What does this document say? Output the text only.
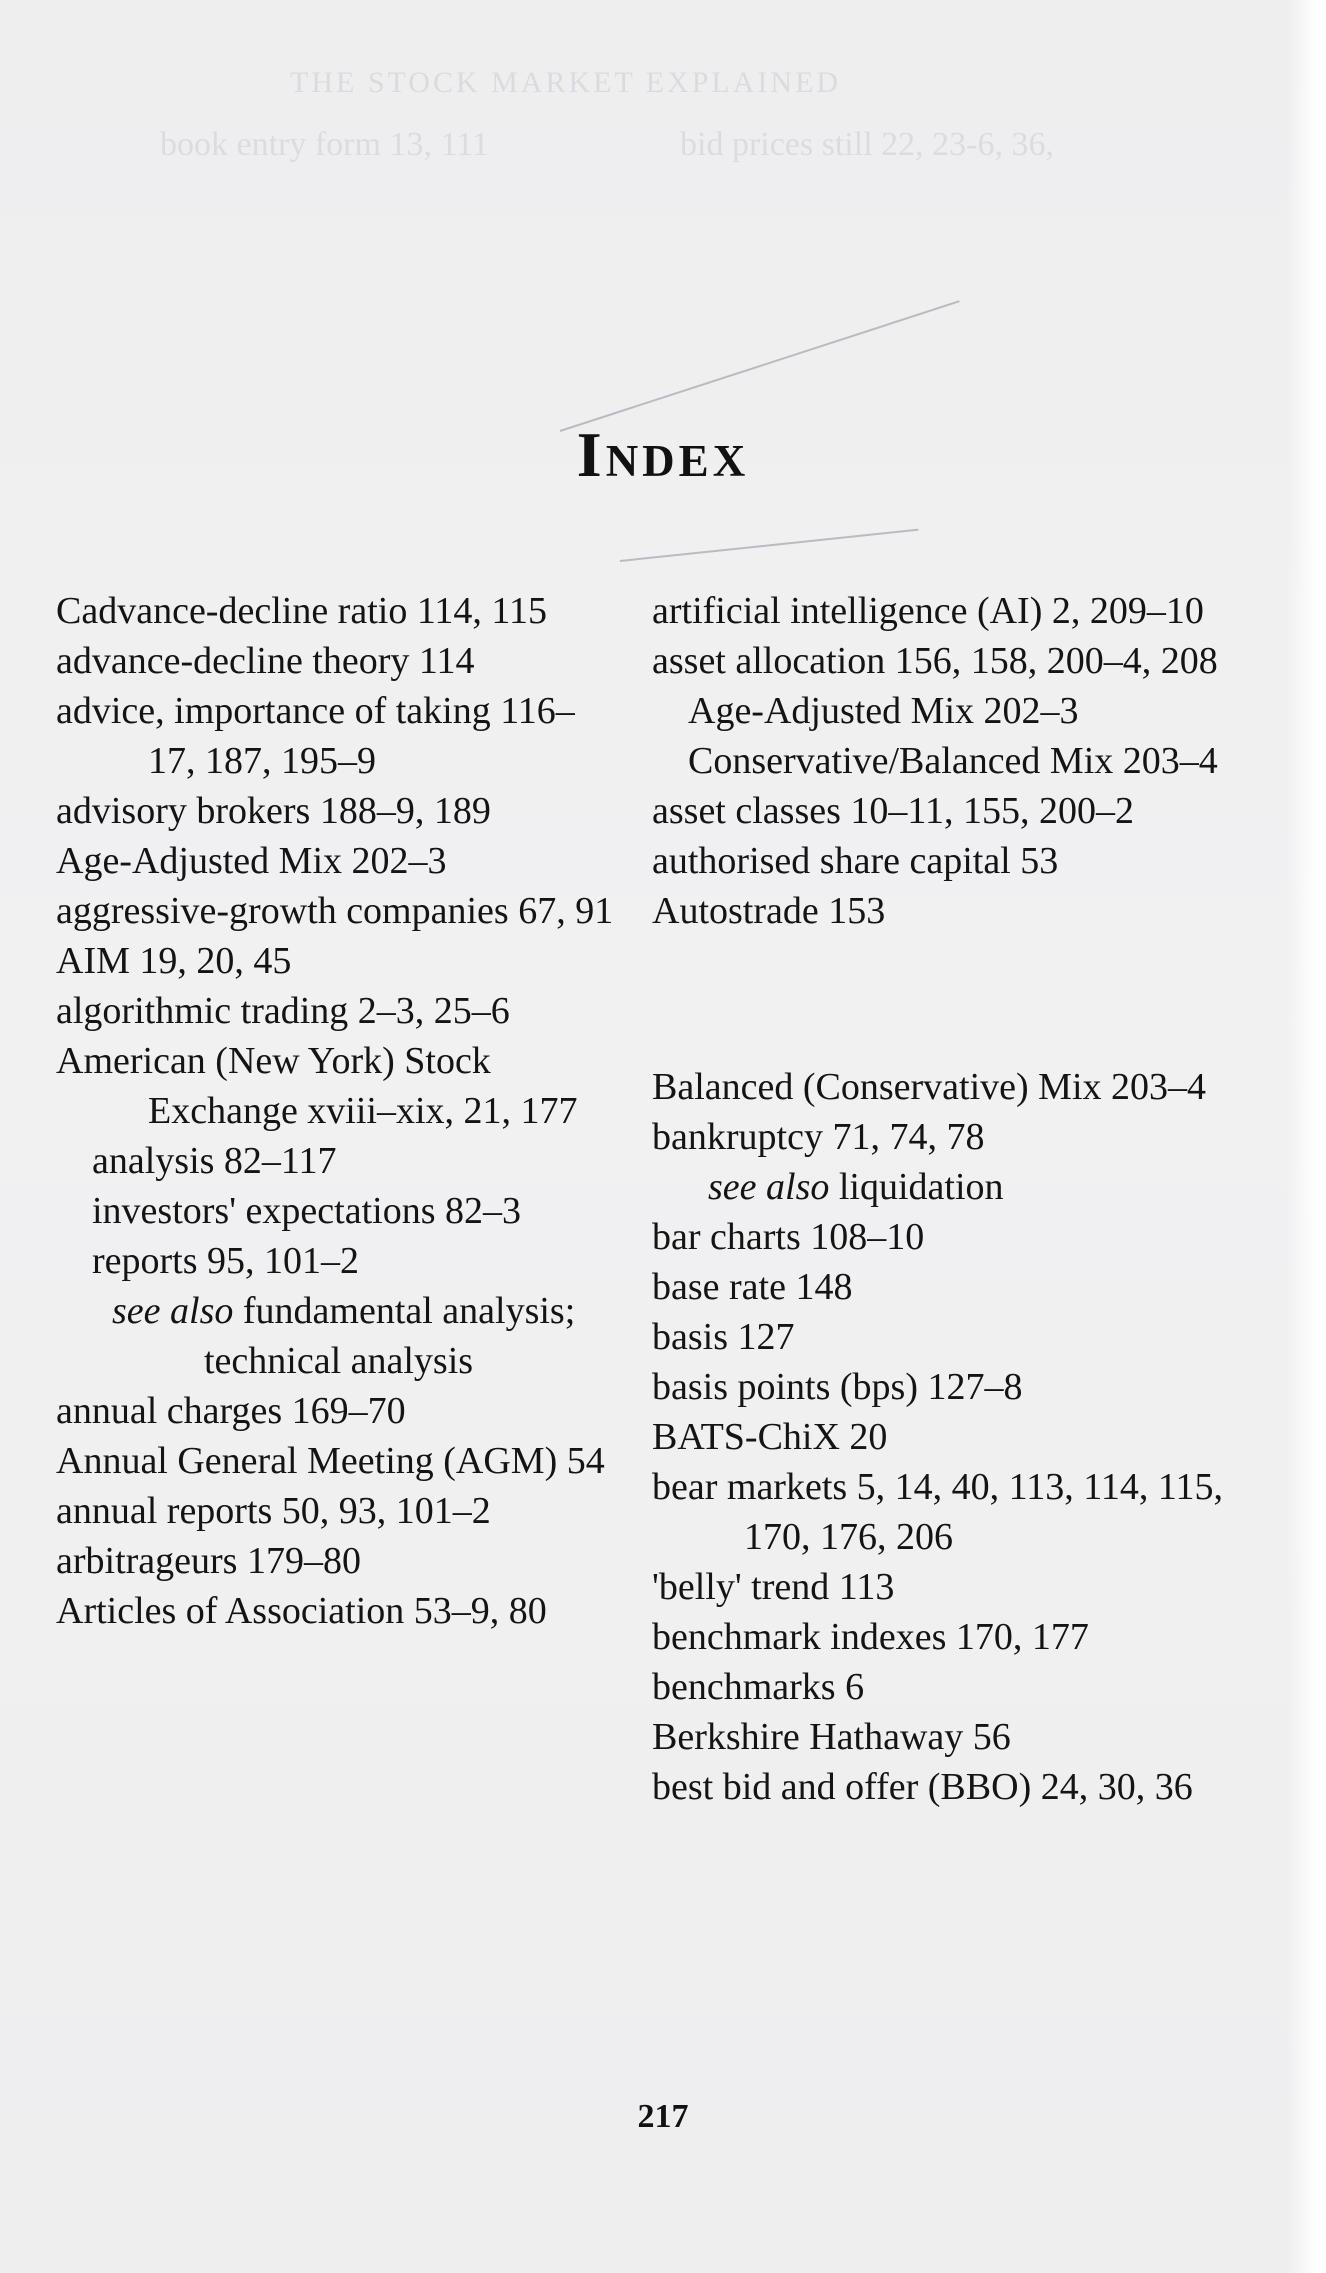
THE STOCK MARKET EXPLAINED
bid prices still 22, 23-6, 36,
book entry form 13, 111
Index

Cadvance-decline ratio 114, 115

advance-decline theory 114

advice, importance of taking 116–17, 187, 195–9

advisory brokers 188–9, 189

Age-Adjusted Mix 202–3

aggressive-growth companies 67, 91

AIM 19, 20, 45

algorithmic trading 2–3, 25–6

American (New York) Stock Exchange xviii–xix, 21, 177

analysis 82–117

investors' expectations 82–3

reports 95, 101–2

see also fundamental analysis; technical analysis

annual charges 169–70

Annual General Meeting (AGM) 54

annual reports 50, 93, 101–2

arbitrageurs 179–80

Articles of Association 53–9, 80

artificial intelligence (AI) 2, 209–10

asset allocation 156, 158, 200–4, 208

Age-Adjusted Mix 202–3

Conservative/Balanced Mix 203–4

asset classes 10–11, 155, 200–2

authorised share capital 53

Autostrade 153

Balanced (Conservative) Mix 203–4

bankruptcy 71, 74, 78

see also liquidation

bar charts 108–10

base rate 148

basis 127

basis points (bps) 127–8

BATS-ChiX 20

bear markets 5, 14, 40, 113, 114, 115, 170, 176, 206

'belly' trend 113

benchmark indexes 170, 177

benchmarks 6

Berkshire Hathaway 56

best bid and offer (BBO) 24, 30, 36

217
